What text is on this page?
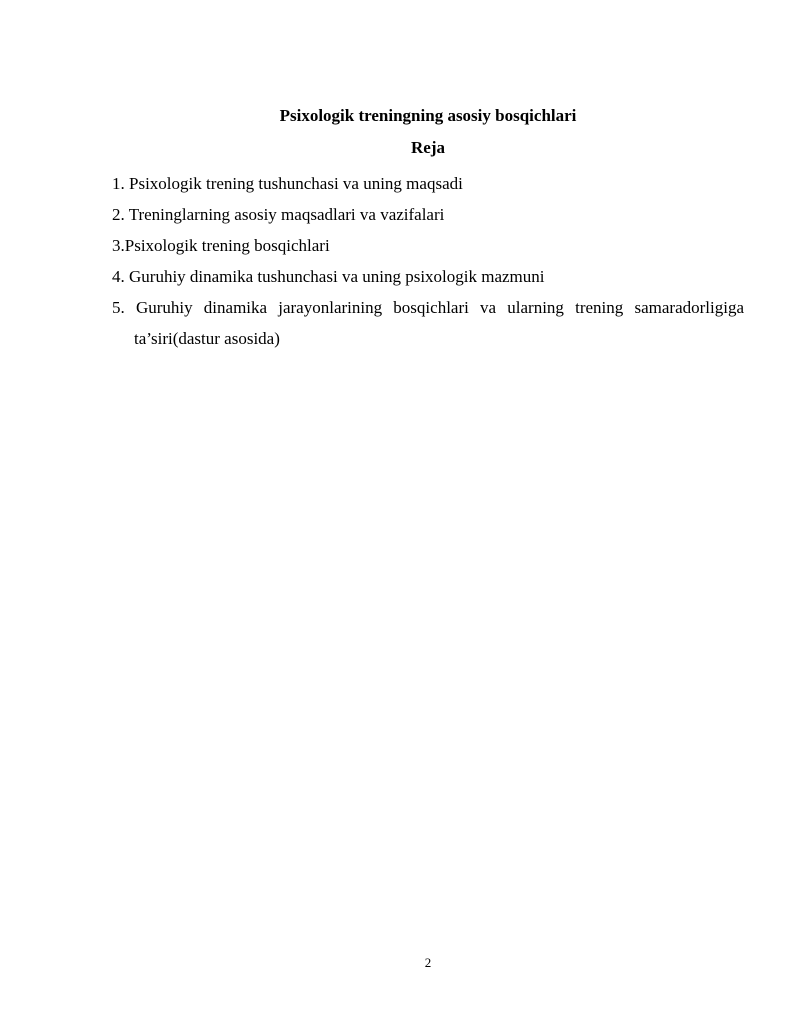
Psixologik treningning asosiy bosqichlari
Reja
1. Psixologik trening tushunchasi va uning maqsadi
2. Treninglarning asosiy maqsadlari va vazifalari
3.Psixologik trening bosqichlari
4. Guruhiy dinamika tushunchasi va uning psixologik mazmuni
5. Guruhiy dinamika jarayonlarining bosqichlari va ularning trening samaradorligiga ta’siri(dastur asosida)
2
